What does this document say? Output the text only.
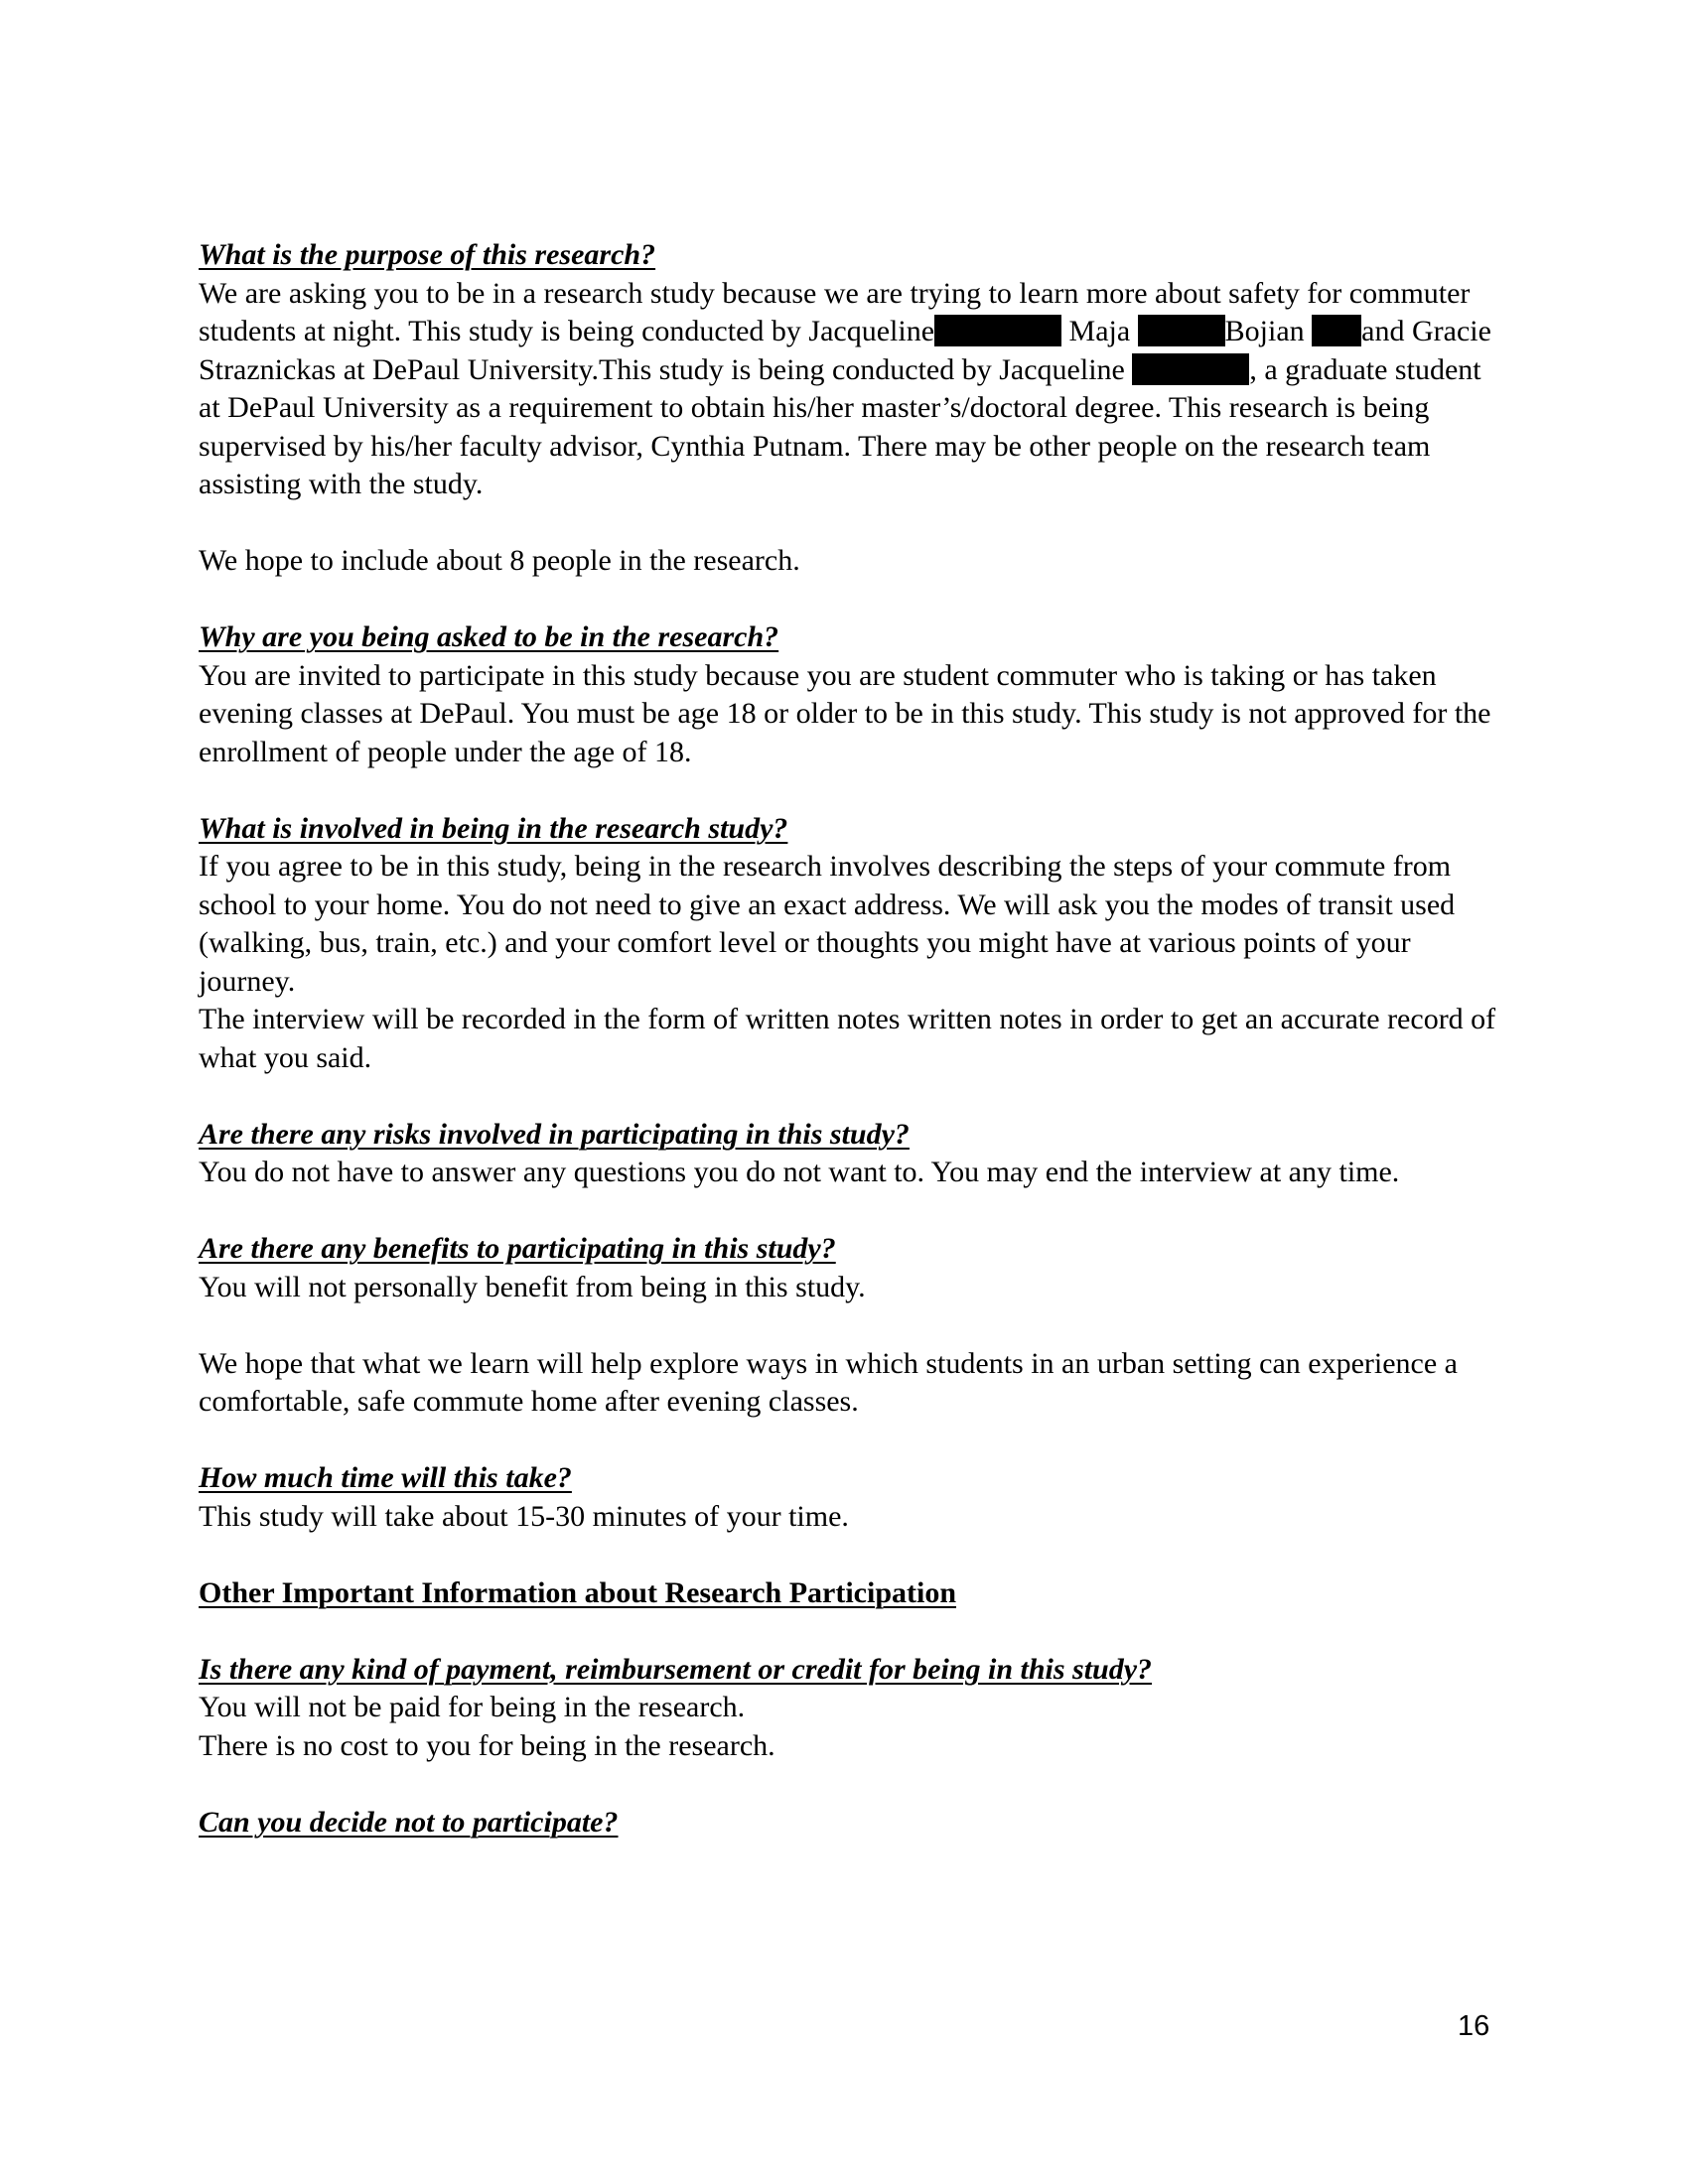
What is the purpose of this research?
We are asking you to be in a research study because we are trying to learn more about safety for commuter students at night. This study is being conducted by Jacqueline	Maja	Bojian and Gracie Straznickas at DePaul University.This study is being conducted by Jacqueline	, a graduate student at DePaul University as a requirement to obtain his/her master’s/doctoral degree. This research is being supervised by his/her faculty advisor, Cynthia Putnam. There may be other people on the research team assisting with the study.
We hope to include about 8 people in the research.
Why are you being asked to be in the research?
You are invited to participate in this study because you are student commuter who is taking or has taken evening classes at DePaul. You must be age 18 or older to be in this study. This study is not approved for the enrollment of people under the age of 18.
What is involved in being in the research study?
If you agree to be in this study, being in the research involves describing the steps of your commute from school to your home. You do not need to give an exact address. We will ask you the modes of transit used (walking, bus, train, etc.) and your comfort level or thoughts you might have at various points of your journey.
The interview will be recorded in the form of written notes written notes in order to get an accurate record of what you said.
Are there any risks involved in participating in this study?
You do not have to answer any questions you do not want to. You may end the interview at any time.
Are there any benefits to participating in this study?
You will not personally benefit from being in this study.
We hope that what we learn will help explore ways in which students in an urban setting can experience a comfortable, safe commute home after evening classes.
How much time will this take?
This study will take about 15-30 minutes of your time.
Other Important Information about Research Participation
Is there any kind of payment, reimbursement or credit for being in this study?
You will not be paid for being in the research.
There is no cost to you for being in the research.
Can you decide not to participate?
16
